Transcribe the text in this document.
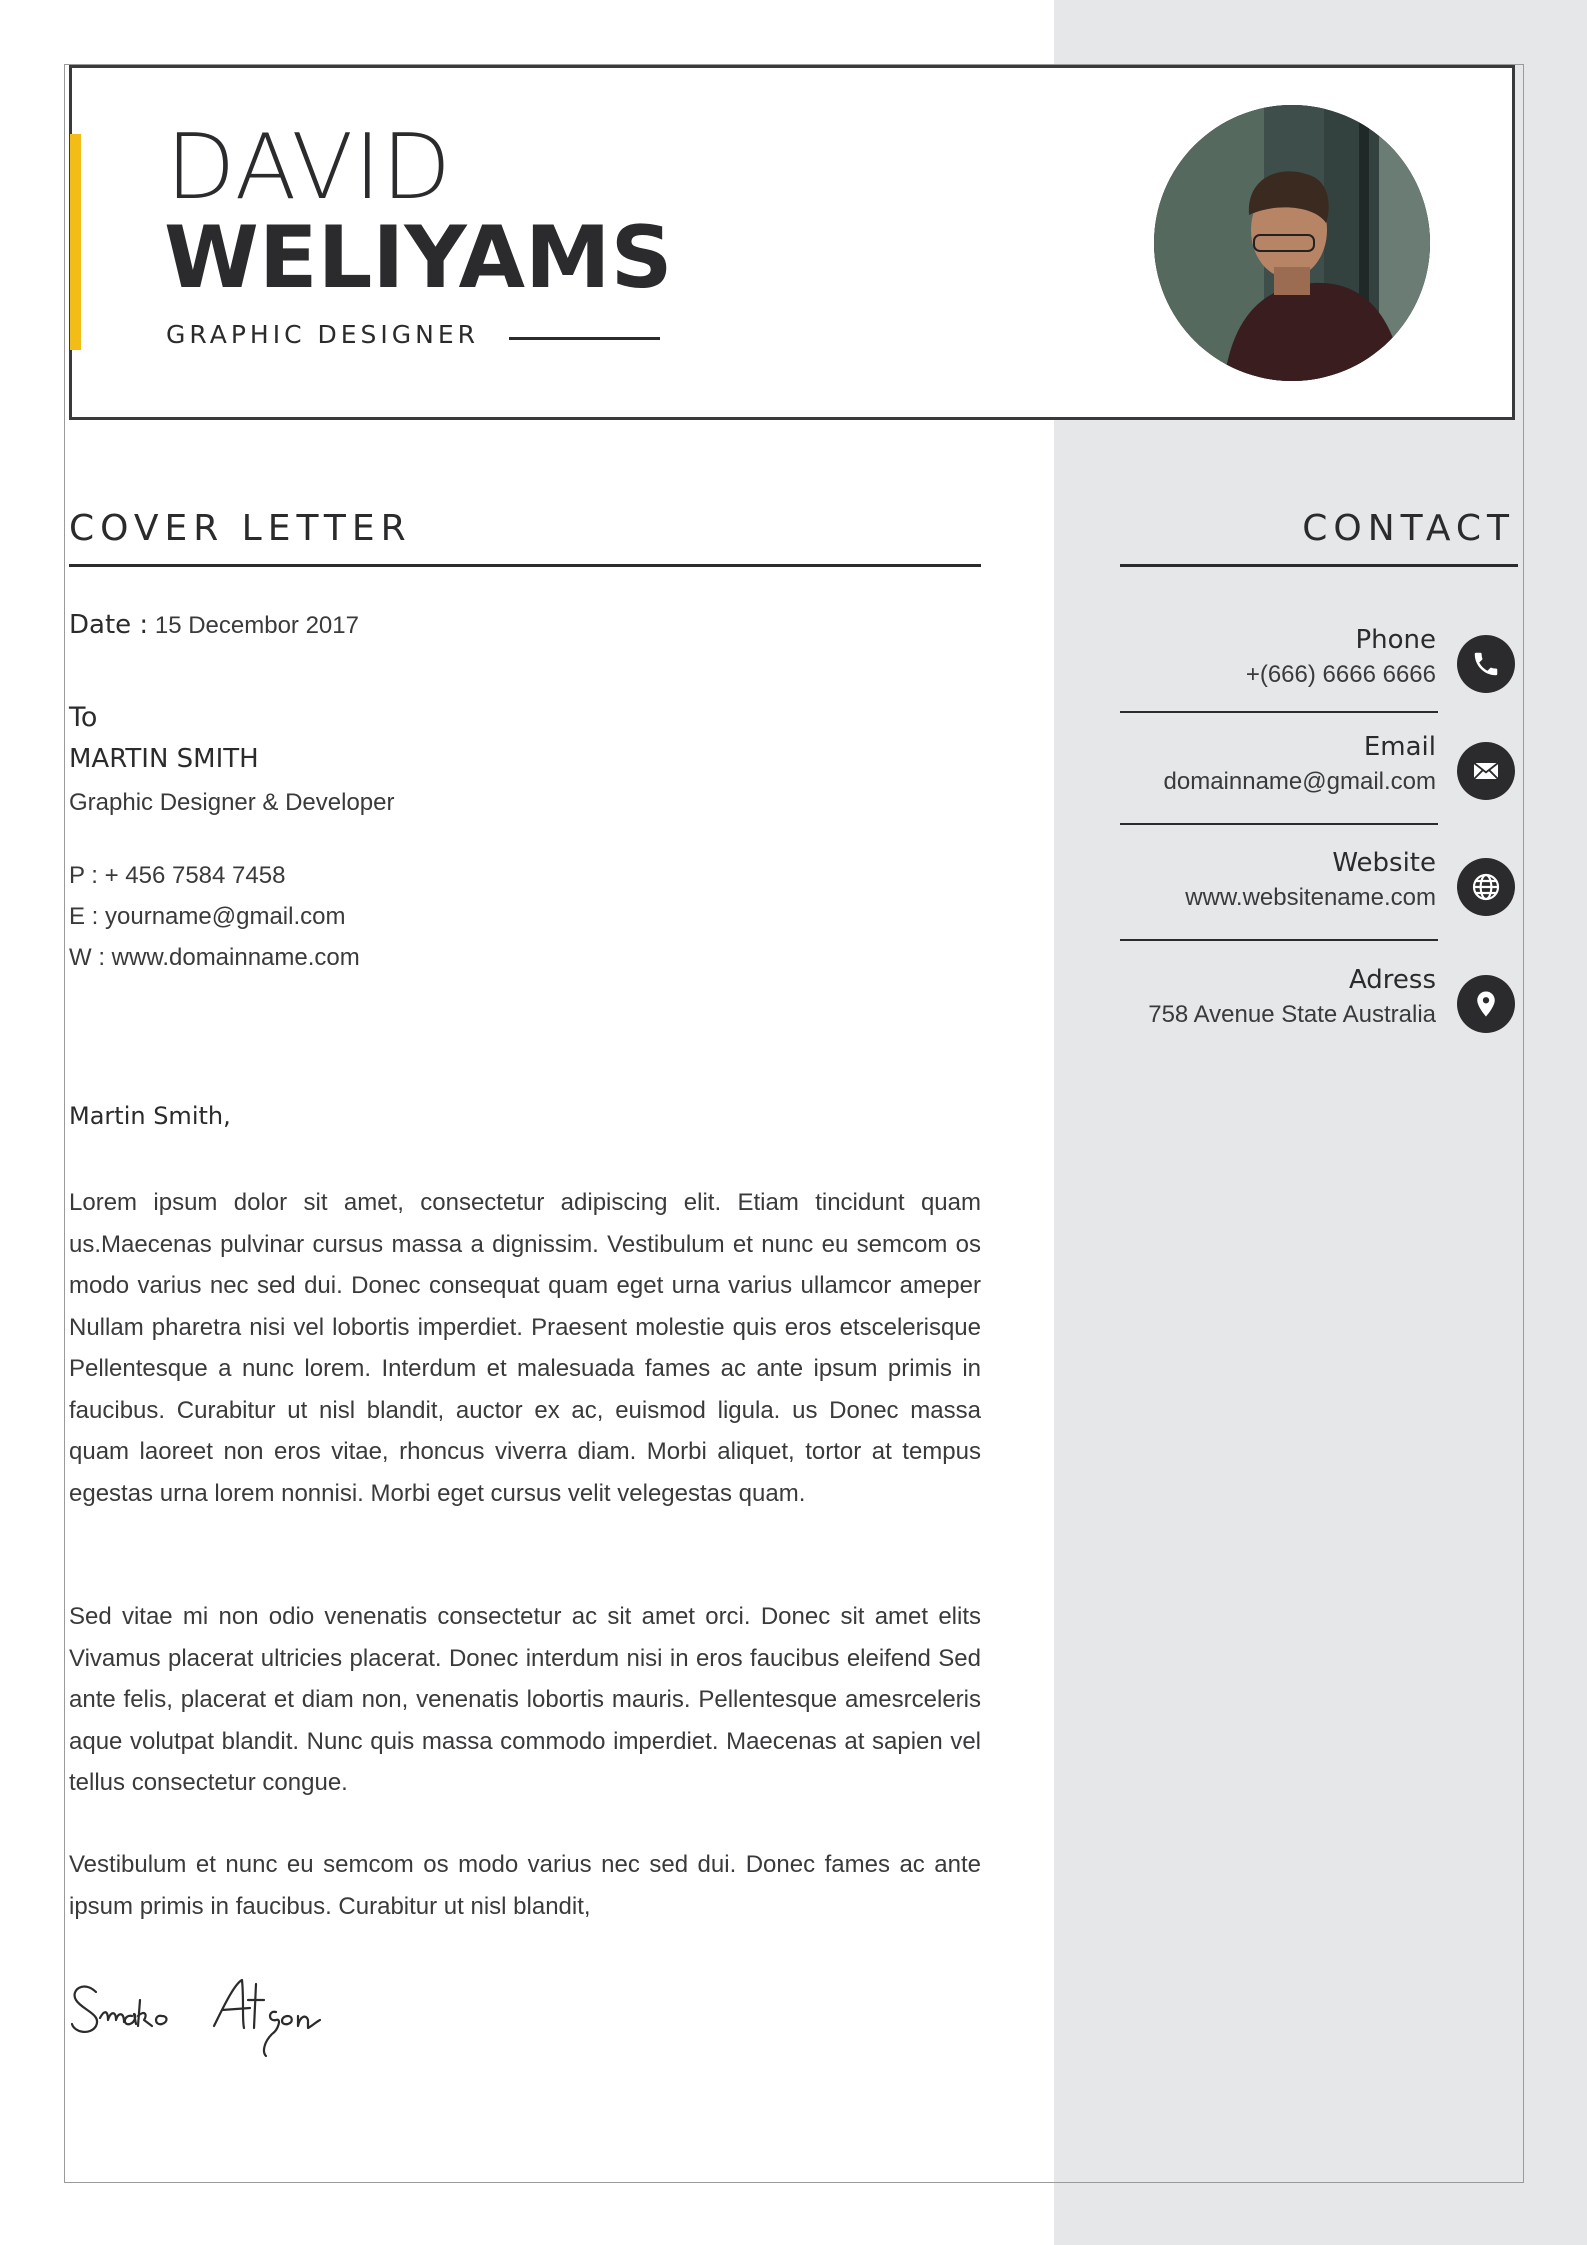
DAVID
WELIYAMS
GRAPHIC DESIGNER
COVER LETTER	CONTACT
Date : 15 Decembor 2017
To
MARTIN SMITH
Graphic Designer & Developer
P : + 456 7584 7458
E : yourname@gmail.com
W : www.domainname.com
Martin Smith,

Lorem ipsum dolor sit amet, consectetur adipiscing elit. Etiam tincidunt quam us.Maecenas pulvinar cursus massa a dignissim. Vestibulum et nunc eu semcom os modo varius nec sed dui. Donec consequat quam eget urna varius ullamcor ameper Nullam pharetra nisi vel lobortis imperdiet. Praesent molestie quis eros etscelerisque Pellentesque a nunc lorem. Interdum et malesuada fames ac ante ipsum primis in faucibus. Curabitur ut nisl blandit, auctor ex ac, euismod ligula. us Donec massa quam laoreet non eros vitae, rhoncus viverra diam. Morbi aliquet, tortor at tempus egestas urna lorem nonnisi. Morbi eget cursus velit velegestas quam.

Sed vitae mi non odio venenatis consectetur ac sit amet orci. Donec sit amet elits Vivamus placerat ultricies placerat. Donec interdum nisi in eros faucibus eleifend Sed ante felis, placerat et diam non, venenatis lobortis mauris. Pellentesque amesrceleris aque volutpat blandit. Nunc quis massa commodo imperdiet. Maecenas at sapien vel tellus consectetur congue.

Vestibulum et nunc eu semcom os modo varius nec sed dui. Donec fames ac ante ipsum primis in faucibus. Curabitur ut nisl blandit,

Phone
+(666) 6666 6666
Email
domainname@gmail.com
Website
www.websitename.com
Adress
758 Avenue State Australia
